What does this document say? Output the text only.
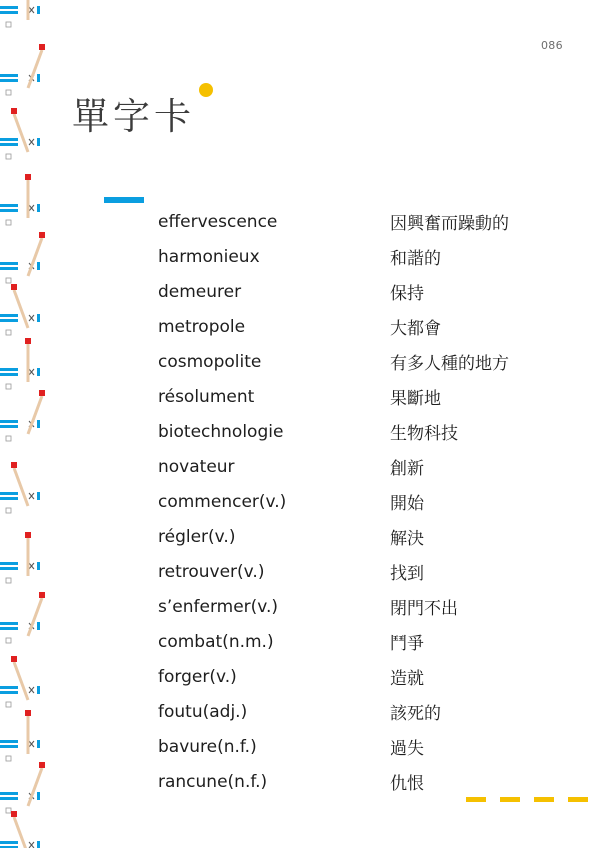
086
單字卡
effervescence	因興奮而躁動的
harmonieux	和諧的
demeurer	保持
metropole	大都會
cosmopolite	有多人種的地方
résolument	果斷地
biotechnologie	生物科技
novateur	創新
commencer(v.)	開始
régler(v.)	解決
retrouver(v.)	找到
s’enfermer(v.)	閉門不出
combat(n.m.)	鬥爭
forger(v.)	造就
foutu(adj.)	該死的
bavure(n.f.)	過失
rancune(n.f.)	仇恨
